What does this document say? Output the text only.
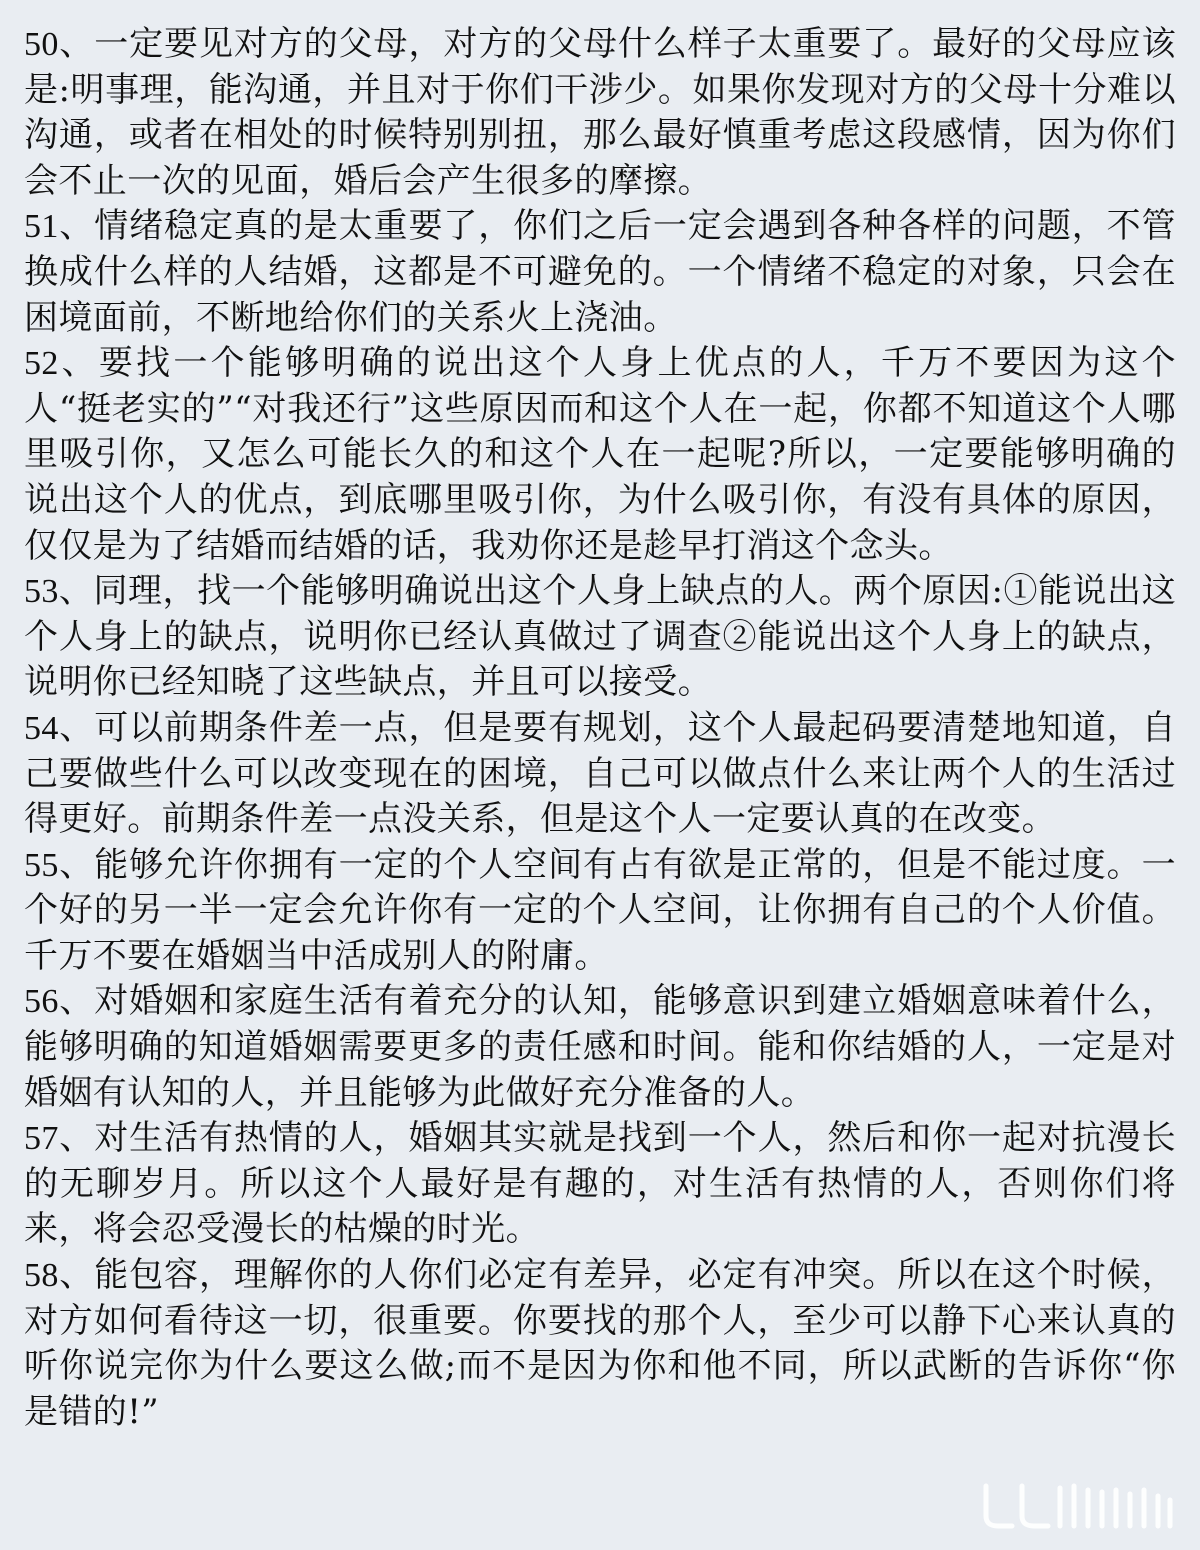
50、一定要见对方的父母，对方的父母什么样子太重要了。最好的父母应该是:明事理，能沟通，并且对于你们干涉少。如果你发现对方的父母十分难以沟通，或者在相处的时候特别别扭，那么最好慎重考虑这段感情，因为你们会不止一次的见面，婚后会产生很多的摩擦。

51、情绪稳定真的是太重要了，你们之后一定会遇到各种各样的问题，不管换成什么样的人结婚，这都是不可避免的。一个情绪不稳定的对象，只会在困境面前，不断地给你们的关系火上浇油。

52、要找一个能够明确的说出这个人身上优点的人，千万不要因为这个人“挺老实的”“对我还行”这些原因而和这个人在一起，你都不知道这个人哪里吸引你，又怎么可能长久的和这个人在一起呢?所以，一定要能够明确的说出这个人的优点，到底哪里吸引你，为什么吸引你，有没有具体的原因，仅仅是为了结婚而结婚的话，我劝你还是趁早打消这个念头。

53、同理，找一个能够明确说出这个人身上缺点的人。两个原因:①能说出这个人身上的缺点，说明你已经认真做过了调查②能说出这个人身上的缺点，说明你已经知晓了这些缺点，并且可以接受。

54、可以前期条件差一点，但是要有规划，这个人最起码要清楚地知道，自己要做些什么可以改变现在的困境，自己可以做点什么来让两个人的生活过得更好。前期条件差一点没关系，但是这个人一定要认真的在改变。

55、能够允许你拥有一定的个人空间有占有欲是正常的，但是不能过度。一个好的另一半一定会允许你有一定的个人空间，让你拥有自己的个人价值。千万不要在婚姻当中活成别人的附庸。

56、对婚姻和家庭生活有着充分的认知，能够意识到建立婚姻意味着什么，能够明确的知道婚姻需要更多的责任感和时间。能和你结婚的人，一定是对婚姻有认知的人，并且能够为此做好充分准备的人。

57、对生活有热情的人，婚姻其实就是找到一个人，然后和你一起对抗漫长的无聊岁月。所以这个人最好是有趣的，对生活有热情的人，否则你们将来，将会忍受漫长的枯燥的时光。

58、能包容，理解你的人你们必定有差异，必定有冲突。所以在这个时候，对方如何看待这一切，很重要。你要找的那个人，至少可以静下心来认真的听你说完你为什么要这么做;而不是因为你和他不同，所以武断的告诉你“你是错的!”
